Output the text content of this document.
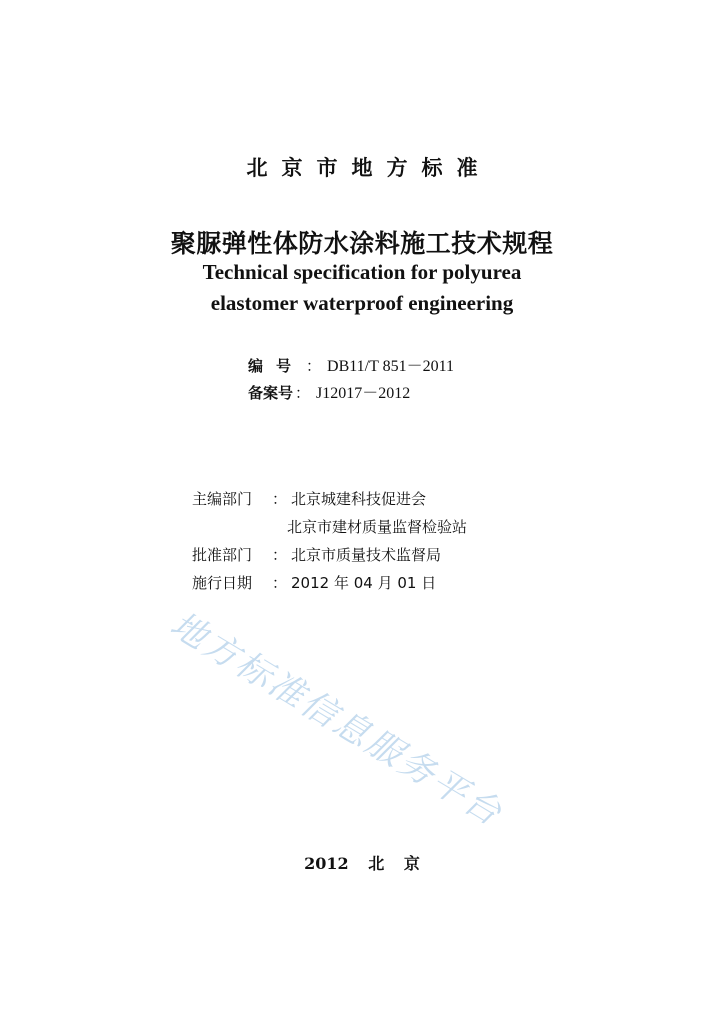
北京市地方标准
聚脲弹性体防水涂料施工技术规程
Technical specification for polyurea
elastomer waterproof engineering
编号 ： DB11/T 851－2011
备案号 ： J12017－2012
主编部门 ： 北京城建科技促进会
北京市建材质量监督检验站
批准部门 ： 北京市质量技术监督局
施行日期 ： 2012 年 04 月 01 日
地方标准信息服务平台
2012 北 京
